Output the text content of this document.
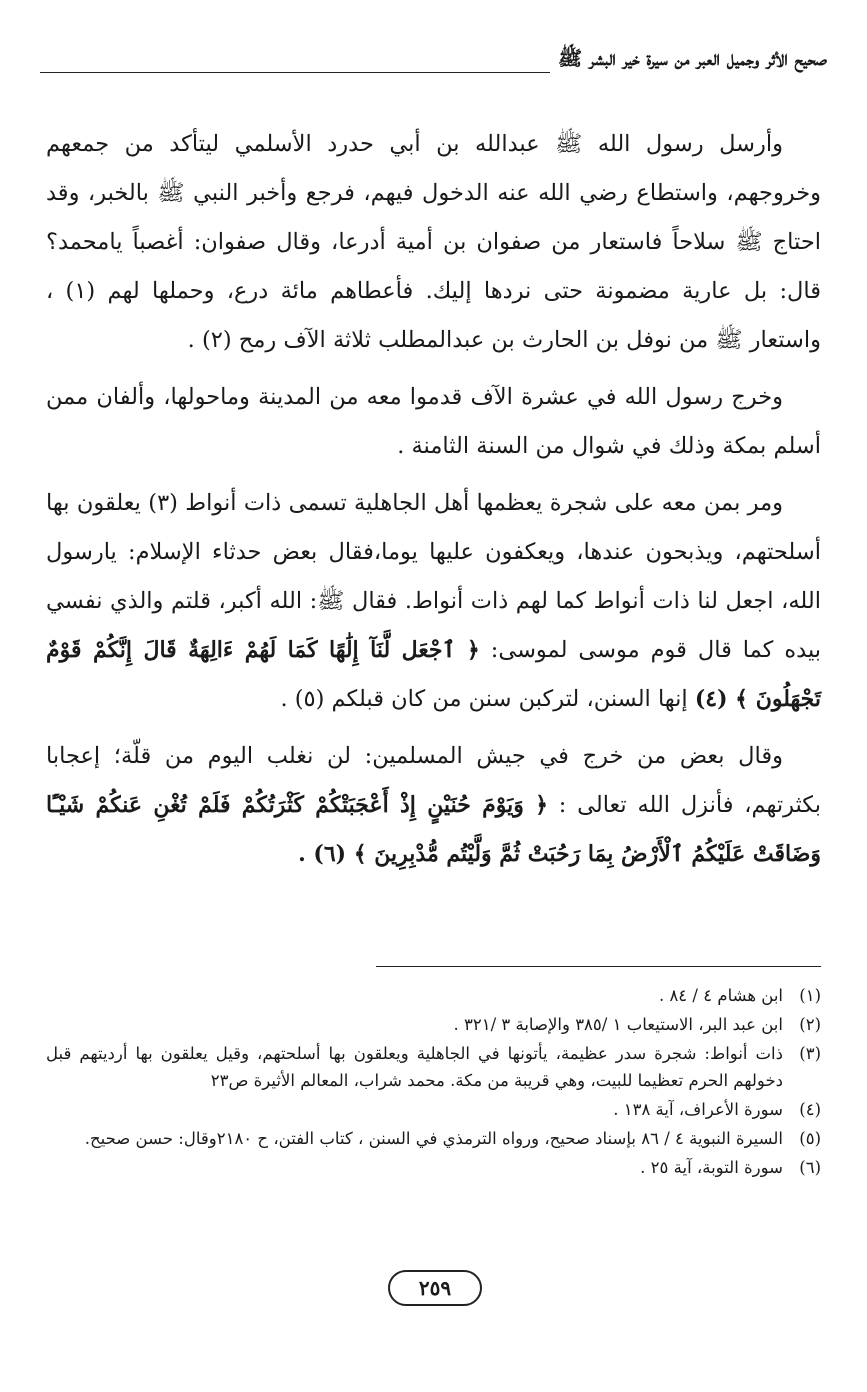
صحيح الأثر وجميل العبر من سيرة خير البشر ﷺ

وأرسل رسول الله ﷺ عبدالله بن أبي حدرد الأسلمي ليتأكد من جمعهم وخروجهم، واستطاع رضي الله عنه الدخول فيهم، فرجع وأخبر النبي ﷺ بالخبر، وقد احتاج ﷺ سلاحاً فاستعار من صفوان بن أمية أدرعا، وقال صفوان: أغصباً يامحمد؟ قال: بل عارية مضمونة حتى نردها إليك. فأعطاهم مائة درع، وحملها لهم (١) ، واستعار ﷺ من نوفل بن الحارث بن عبدالمطلب ثلاثة الآف رمح (٢) .

وخرج رسول الله في عشرة الآف قدموا معه من المدينة وماحولها، وألفان ممن أسلم بمكة وذلك في شوال من السنة الثامنة .

ومر بمن معه على شجرة يعظمها أهل الجاهلية تسمى ذات أنواط (٣) يعلقون بها أسلحتهم، ويذبحون عندها، ويعكفون عليها يوما،فقال بعض حدثاء الإسلام: يارسول الله، اجعل لنا ذات أنواط كما لهم ذات أنواط. فقال ﷺ: الله أكبر، قلتم والذي نفسي بيده كما قال قوم موسى لموسى: ﴿ ٱجْعَل لَّنَآ إِلَٰهًا كَمَا لَهُمْ ءَالِهَةٌ قَالَ إِنَّكُمْ قَوْمٌ تَجْهَلُونَ ﴾ (٤) إنها السنن، لتركبن سنن من كان قبلكم (٥) .

وقال بعض من خرج في جيش المسلمين: لن نغلب اليوم من قلّة؛ إعجابا بكثرتهم، فأنزل الله تعالى : ﴿ وَيَوْمَ حُنَيْنٍ إِذْ أَعْجَبَتْكُمْ كَثْرَتُكُمْ فَلَمْ تُغْنِ عَنكُمْ شَيْـًٔا وَضَاقَتْ عَلَيْكُمُ ٱلْأَرْضُ بِمَا رَحُبَتْ ثُمَّ وَلَّيْتُم مُّدْبِرِينَ ﴾ (٦) .

(١)
ابن هشام ٤ / ٨٤ .
(٢)
ابن عبد البر، الاستيعاب ١ /٣٨٥ والإصابة ٣ /٣٢١ .
(٣)
ذات أنواط: شجرة سدر عظيمة، يأتونها في الجاهلية ويعلقون بها أسلحتهم، وقيل يعلقون بها أرديتهم قبل دخولهم الحرم تعظيما للبيت، وهي قريبة من مكة. محمد شراب، المعالم الأثيرة ص٢٣
(٤)
سورة الأعراف، آية ١٣٨ .
(٥)
السيرة النبوية ٤ / ٨٦ بإسناد صحيح، ورواه الترمذي في السنن ، كتاب الفتن، ح ٢١٨٠وقال: حسن صحيح.
(٦)
سورة التوبة، آية ٢٥ .
٢٥٩
